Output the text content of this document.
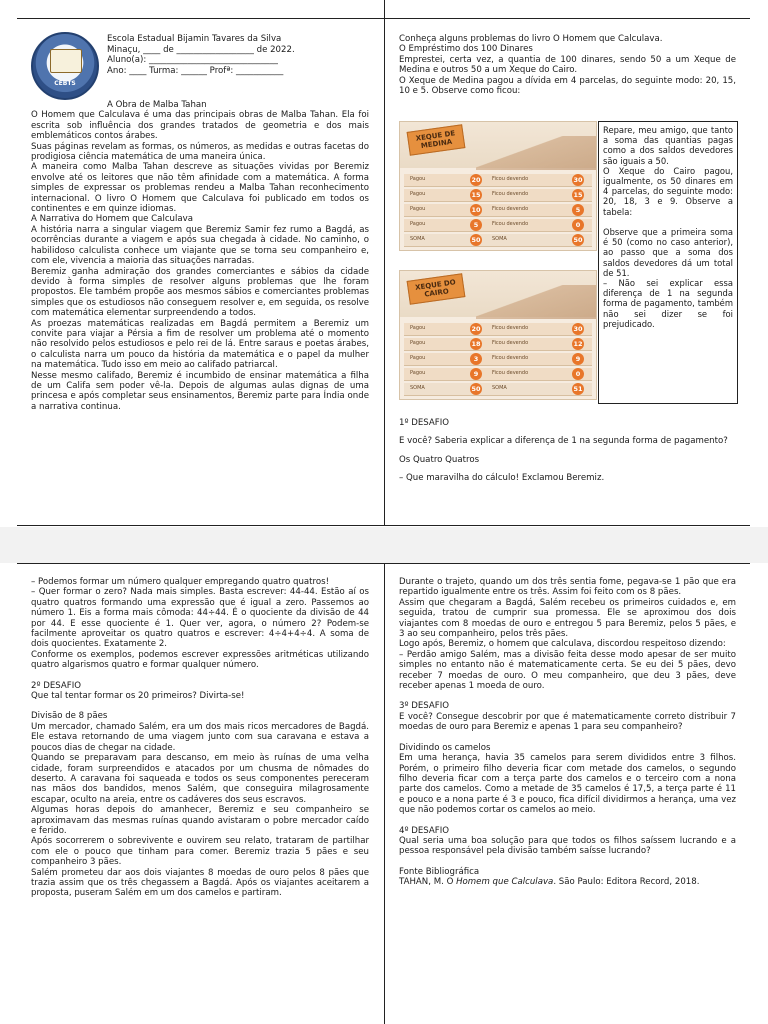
CEBTS
Escola Estadual Bijamin Tavares da Silva
Minaçu, ____ de __________________ de 2022.
Aluno(a): ______________________________
Ano: ____ Turma: ______ Profª: ___________

A Obra de Malba Tahan

O Homem que Calculava é uma das principais obras de Malba Tahan. Ela foi escrita sob influência dos grandes tratados de geometria e dos mais emblemáticos contos árabes.

Suas páginas revelam as formas, os números, as medidas e outras facetas do prodigiosa ciência matemática de uma maneira única.

A maneira como Malba Tahan descreve as situações vividas por Beremiz envolve até os leitores que não têm afinidade com a matemática. A forma simples de expressar os problemas rendeu a Malba Tahan reconhecimento internacional. O livro O Homem que Calculava foi publicado em todos os continentes e em quinze idiomas.

A Narrativa do Homem que Calculava

A história narra a singular viagem que Beremiz Samir fez rumo a Bagdá, as ocorrências durante a viagem e após sua chegada à cidade. No caminho, o habilidoso calculista conhece um viajante que se torna seu companheiro e, com ele, vivencia a maioria das situações narradas.

Beremiz ganha admiração dos grandes comerciantes e sábios da cidade devido à forma simples de resolver alguns problemas que lhe foram propostos. Ele também propõe aos mesmos sábios e comerciantes problemas simples que os estudiosos não conseguem resolver e, em seguida, os resolve com matemática elementar surpreendendo a todos.

As proezas matemáticas realizadas em Bagdá permitem a Beremiz um convite para viajar a Pérsia a fim de resolver um problema até o momento não resolvido pelos estudiosos e pelo rei de lá. Entre saraus e poetas árabes, o calculista narra um pouco da história da matemática e o papel da mulher na matemática. Tudo isso em meio ao califado patriarcal.

Nesse mesmo califado, Beremiz é incumbido de ensinar matemática a filha de um Califa sem poder vê-la. Depois de algumas aulas dignas de uma princesa e após completar seus ensinamentos, Beremiz parte para Índia onde a narrativa continua.

Conheça alguns problemas do livro O Homem que Calculava.

O Empréstimo dos 100 Dinares

Emprestei, certa vez, a quantia de 100 dinares, sendo 50 a um Xeque de Medina e outros 50 a um Xeque do Cairo.

O Xeque de Medina pagou a dívida em 4 parcelas, do seguinte modo: 20, 15, 10 e 5. Observe como ficou:

XEQUE DE MEDINA
Pagou	20 Ficou devendo	30
Pagou	15 Ficou devendo	15
Pagou	10 Ficou devendo	5
Pagou	5	Ficou devendo	0
SOMA	50 SOMA	50
XEQUE DO CAIRO
Pagou	20 Ficou devendo	30
Pagou	18 Ficou devendo	12
Pagou	3	Ficou devendo	9
Pagou	9	Ficou devendo	0
SOMA	50 SOMA	51
Repare, meu amigo, que tanto a soma das quantias pagas como a dos saldos devedores são iguais a 50.
O Xeque do Cairo pagou, igualmente, os 50 dinares em 4 parcelas, do seguinte modo: 20, 18, 3 e 9. Observe a tabela:

Observe que a primeira soma é 50 (como no caso anterior), ao passo que a soma dos saldos devedores dá um total de 51.
– Não sei explicar essa diferença de 1 na segunda forma de pagamento, também não sei dizer se foi prejudicado.

1º DESAFIO

E você? Saberia explicar a diferença de 1 na segunda forma de pagamento?

Os Quatro Quatros

– Que maravilha do cálculo! Exclamou Beremiz.

– Podemos formar um número qualquer empregando quatro quatros!

– Quer formar o zero? Nada mais simples. Basta escrever: 44-44. Estão aí os quatro quatros formando uma expressão que é igual a zero. Passemos ao número 1. Eis a forma mais cômoda: 44÷44. É o quociente da divisão de 44 por 44. E esse quociente é 1. Quer ver, agora, o número 2? Podem-se facilmente aproveitar os quatro quatros e escrever: 4÷4+4÷4. A soma de dois quocientes. Exatamente 2.

Conforme os exemplos, podemos escrever expressões aritméticas utilizando quatro algarismos quatro e formar qualquer número.

2º DESAFIO

Que tal tentar formar os 20 primeiros? Divirta-se!

Divisão de 8 pães

Um mercador, chamado Salém, era um dos mais ricos mercadores de Bagdá. Ele estava retornando de uma viagem junto com sua caravana e estava a poucos dias de chegar na cidade.

Quando se preparavam para descanso, em meio às ruínas de uma velha cidade, foram surpreendidos e atacados por um chusma de nômades do deserto. A caravana foi saqueada e todos os seus componentes pereceram nas mãos dos bandidos, menos Salém, que conseguira milagrosamente escapar, oculto na areia, entre os cadáveres dos seus escravos.

Algumas horas depois do amanhecer, Beremiz e seu companheiro se aproximavam das mesmas ruínas quando avistaram o pobre mercador caído e ferido.

Após socorrerem o sobrevivente e ouvirem seu relato, trataram de partilhar com ele o pouco que tinham para comer. Beremiz trazia 5 pães e seu companheiro 3 pães.

Salém prometeu dar aos dois viajantes 8 moedas de ouro pelos 8 pães que trazia assim que os três chegassem a Bagdá. Após os viajantes aceitarem a proposta, puseram Salém em um dos camelos e partiram.

Durante o trajeto, quando um dos três sentia fome, pegava-se 1 pão que era repartido igualmente entre os três. Assim foi feito com os 8 pães.

Assim que chegaram a Bagdá, Salém recebeu os primeiros cuidados e, em seguida, tratou de cumprir sua promessa. Ele se aproximou dos dois viajantes com 8 moedas de ouro e entregou 5 para Beremiz, pelos 5 pães, e 3 ao seu companheiro, pelos três pães.

Logo após, Beremiz, o homem que calculava, discordou respeitoso dizendo:

– Perdão amigo Salém, mas a divisão feita desse modo apesar de ser muito simples no entanto não é matematicamente certa. Se eu dei 5 pães, devo receber 7 moedas de ouro. O meu companheiro, que deu 3 pães, deve receber apenas 1 moeda de ouro.

3º DESAFIO

E você? Consegue descobrir por que é matematicamente correto distribuir 7 moedas de ouro para Beremiz e apenas 1 para seu companheiro?

Dividindo os camelos

Em uma herança, havia 35 camelos para serem divididos entre 3 filhos. Porém, o primeiro filho deveria ficar com metade dos camelos, o segundo filho deveria ficar com a terça parte dos camelos e o terceiro com a nona parte dos camelos. Como a metade de 35 camelos é 17,5, a terça parte é 11 e pouco e a nona parte é 3 e pouco, fica difícil dividirmos a herança, uma vez que não podemos cortar os camelos ao meio.

4º DESAFIO

Qual seria uma boa solução para que todos os filhos saíssem lucrando e a pessoa responsável pela divisão também saísse lucrando?

Fonte Bibliográfica

TAHAN, M. O Homem que Calculava. São Paulo: Editora Record, 2018.
